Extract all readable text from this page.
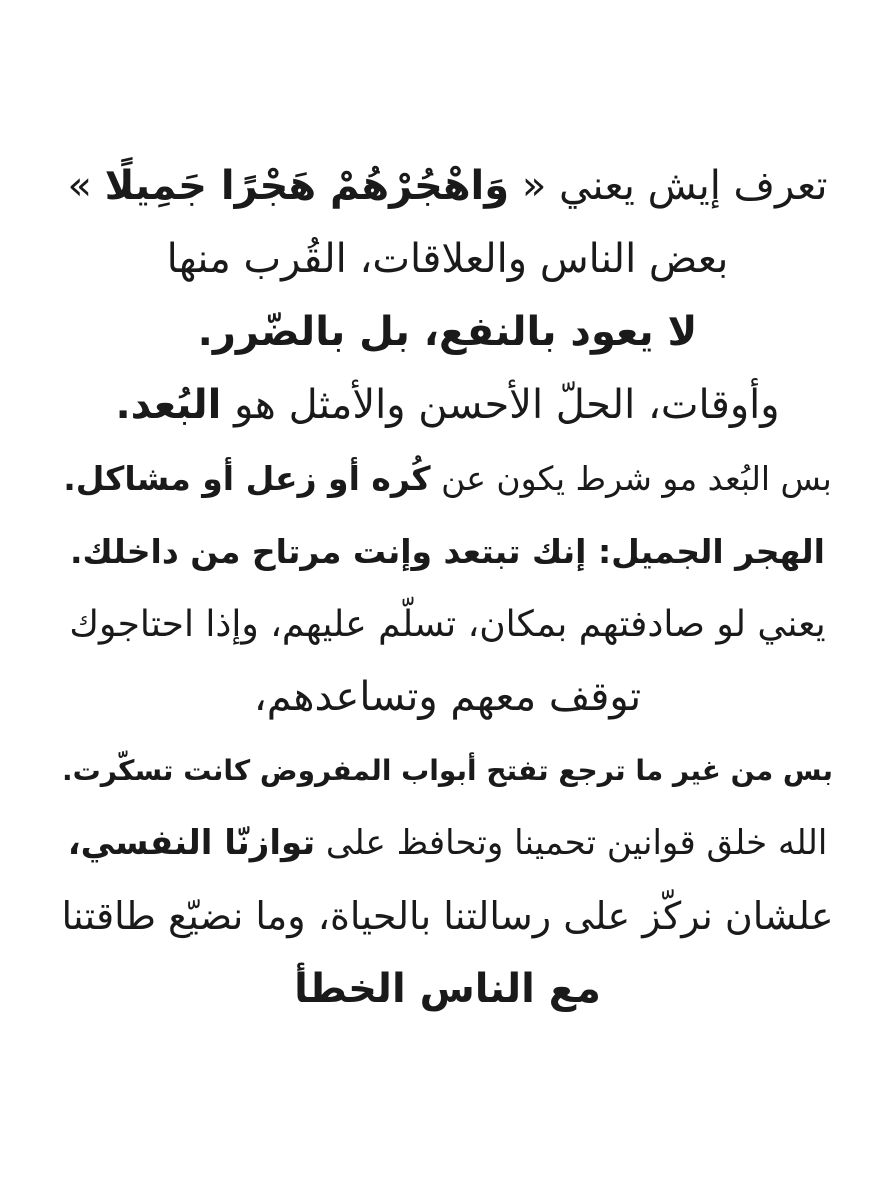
تعرف إيش يعني « وَاهْجُرْهُمْ هَجْرًا جَمِيلًا »
بعض الناس والعلاقات، القُرب منها
لا يعود بالنفع، بل بالضّرر.
وأوقات، الحلّ الأحسن والأمثل هو البُعد.
بس البُعد مو شرط يكون عن كُره أو زعل أو مشاكل.
الهجر الجميل: إنك تبتعد وإنت مرتاح من داخلك.
يعني لو صادفتهم بمكان، تسلّم عليهم، وإذا احتاجوك
توقف معهم وتساعدهم،
بس من غير ما ترجع تفتح أبواب المفروض كانت تسكّرت.
الله خلق قوانين تحمينا وتحافظ على توازنّا النفسي،
علشان نركّز على رسالتنا بالحياة، وما نضيّع طاقتنا
مع الناس الخطأ
